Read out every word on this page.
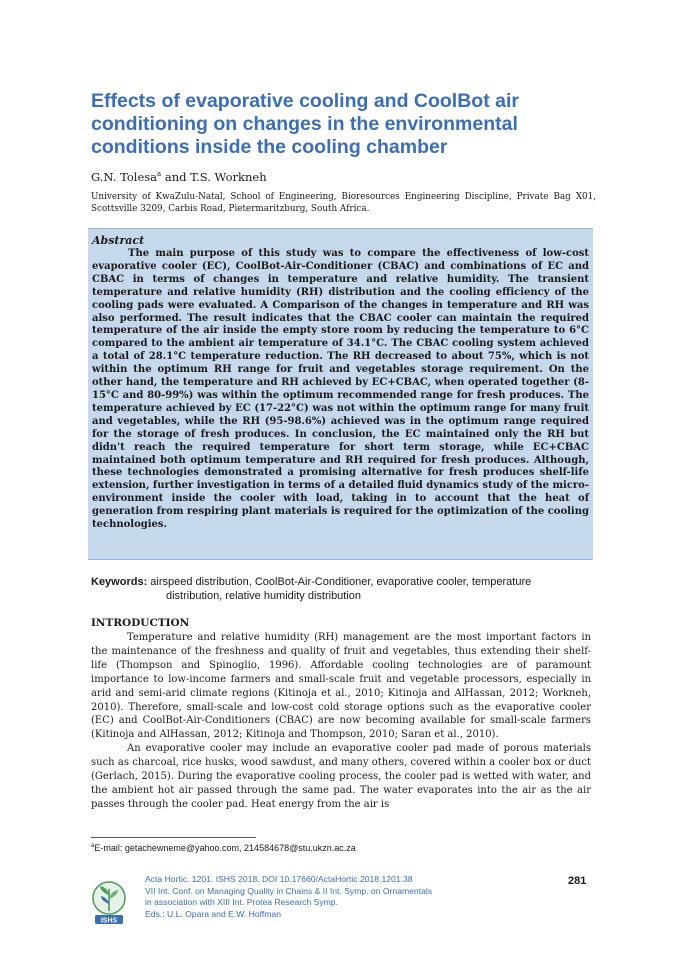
Effects of evaporative cooling and CoolBot air conditioning on changes in the environmental conditions inside the cooling chamber
G.N. Tolesa$^a$ and T.S. Workneh

University of KwaZulu-Natal, School of Engineering, Bioresources Engineering Discipline, Private Bag X01, Scottsville 3209, Carbis Road, Pietermaritzburg, South Africa.

Abstract

The main purpose of this study was to compare the effectiveness of low-cost evaporative cooler (EC), CoolBot-Air-Conditioner (CBAC) and combinations of EC and CBAC in terms of changes in temperature and relative humidity. The transient temperature and relative humidity (RH) distribution and the cooling efficiency of the cooling pads were evaluated. A Comparison of the changes in temperature and RH was also performed. The result indicates that the CBAC cooler can maintain the required temperature of the air inside the empty store room by reducing the temperature to 6°C compared to the ambient air temperature of 34.1°C. The CBAC cooling system achieved a total of 28.1°C temperature reduction. The RH decreased to about 75%, which is not within the optimum RH range for fruit and vegetables storage requirement. On the other hand, the temperature and RH achieved by EC+CBAC, when operated together (8-15°C and 80-99%) was within the optimum recommended range for fresh produces. The temperature achieved by EC (17-22°C) was not within the optimum range for many fruit and vegetables, while the RH (95-98.6%) achieved was in the optimum range required for the storage of fresh produces. In conclusion, the EC maintained only the RH but didn't reach the required temperature for short term storage, while EC+CBAC maintained both optimum temperature and RH required for fresh produces. Although, these technologies demonstrated a promising alternative for fresh produces shelf-life extension, further investigation in terms of a detailed fluid dynamics study of the micro-environment inside the cooler with load, taking in to account that the heat of generation from respiring plant materials is required for the optimization of the cooling technologies.

Keywords: airspeed distribution, CoolBot-Air-Conditioner, evaporative cooler, temperature
distribution, relative humidity distribution

INTRODUCTION

Temperature and relative humidity (RH) management are the most important factors in the maintenance of the freshness and quality of fruit and vegetables, thus extending their shelf-life (Thompson and Spinoglio, 1996). Affordable cooling technologies are of paramount importance to low-income farmers and small-scale fruit and vegetable processors, especially in arid and semi-arid climate regions (Kitinoja et al., 2010; Kitinoja and AlHassan, 2012; Workneh, 2010). Therefore, small-scale and low-cost cold storage options such as the evaporative cooler (EC) and CoolBot-Air-Conditioners (CBAC) are now becoming available for small-scale farmers (Kitinoja and AlHassan, 2012; Kitinoja and Thompson, 2010; Saran et al., 2010).

An evaporative cooler may include an evaporative cooler pad made of porous materials such as charcoal, rice husks, wood sawdust, and many others, covered within a cooler box or duct (Gerlach, 2015). During the evaporative cooling process, the cooler pad is wetted with water, and the ambient hot air passed through the same pad. The water evaporates into the air as the air passes through the cooler pad. Heat energy from the air is

$^a$E-mail: getachewneme@yahoo.com, 214584678@stu.ukzn.ac.za
ISHS
Acta Hortic. 1201. ISHS 2018. DOI 10.17660/ActaHortic.2018.1201.38
VII Int. Conf. on Managing Quality in Chains & II Int. Symp. on Ornamentals
in association with XIII Int. Protea Research Symp.
Eds.: U.L. Opara and E.W. Hoffman
281
